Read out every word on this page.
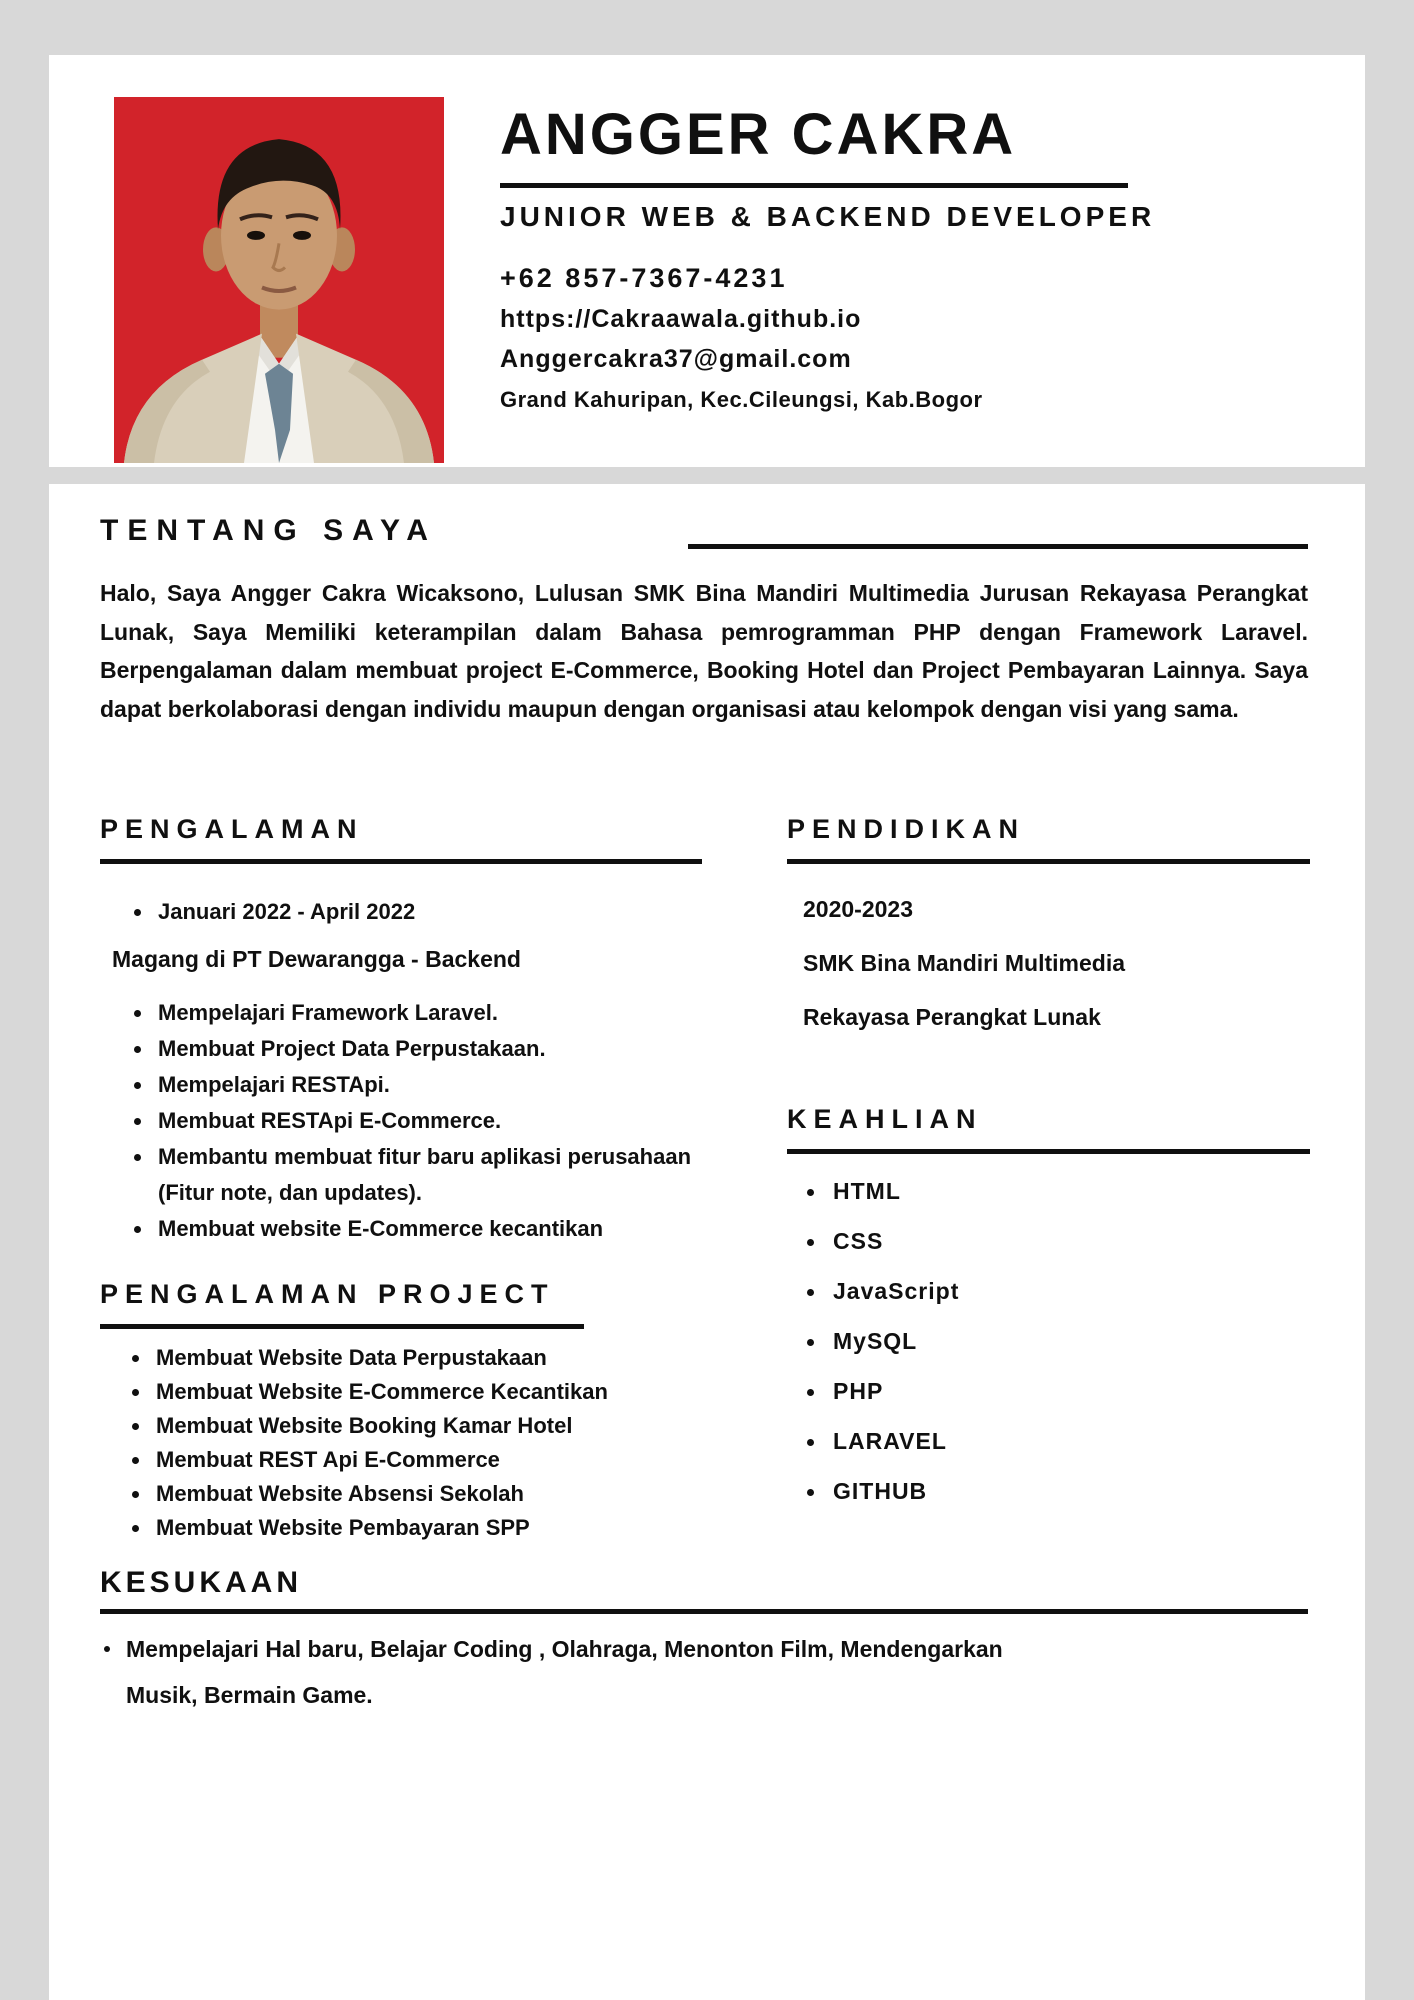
ANGGER CAKRA
JUNIOR WEB & BACKEND DEVELOPER
+62 857-7367-4231
https://Cakraawala.github.io
Anggercakra37@gmail.com
Grand Kahuripan, Kec.Cileungsi, Kab.Bogor
TENTANG SAYA

Halo, Saya Angger Cakra Wicaksono, Lulusan SMK Bina Mandiri Multimedia Jurusan Rekayasa Perangkat Lunak, Saya Memiliki keterampilan dalam Bahasa pemrogramman PHP dengan Framework Laravel. Berpengalaman dalam membuat project E-Commerce, Booking Hotel dan Project Pembayaran Lainnya. Saya dapat berkolaborasi dengan individu maupun dengan organisasi atau kelompok dengan visi yang sama.

PENGALAMAN
Januari 2022 - April 2022
Magang di PT Dewarangga - Backend
Mempelajari Framework Laravel.
Membuat Project Data Perpustakaan.
Mempelajari RESTApi.
Membuat RESTApi E-Commerce.
Membantu membuat fitur baru aplikasi perusahaan (Fitur note, dan updates).
Membuat website E-Commerce kecantikan
PENGALAMAN PROJECT
Membuat Website Data Perpustakaan
Membuat Website E-Commerce Kecantikan
Membuat Website Booking Kamar Hotel
Membuat REST Api E-Commerce
Membuat Website Absensi Sekolah
Membuat Website Pembayaran SPP
PENDIDIKAN
2020-2023
SMK Bina Mandiri Multimedia
Rekayasa Perangkat Lunak
KEAHLIAN
HTML
CSS
JavaScript
MySQL
PHP
LARAVEL
GITHUB
KESUKAAN
Mempelajari Hal baru, Belajar Coding , Olahraga, Menonton Film, Mendengarkan Musik, Bermain Game.
